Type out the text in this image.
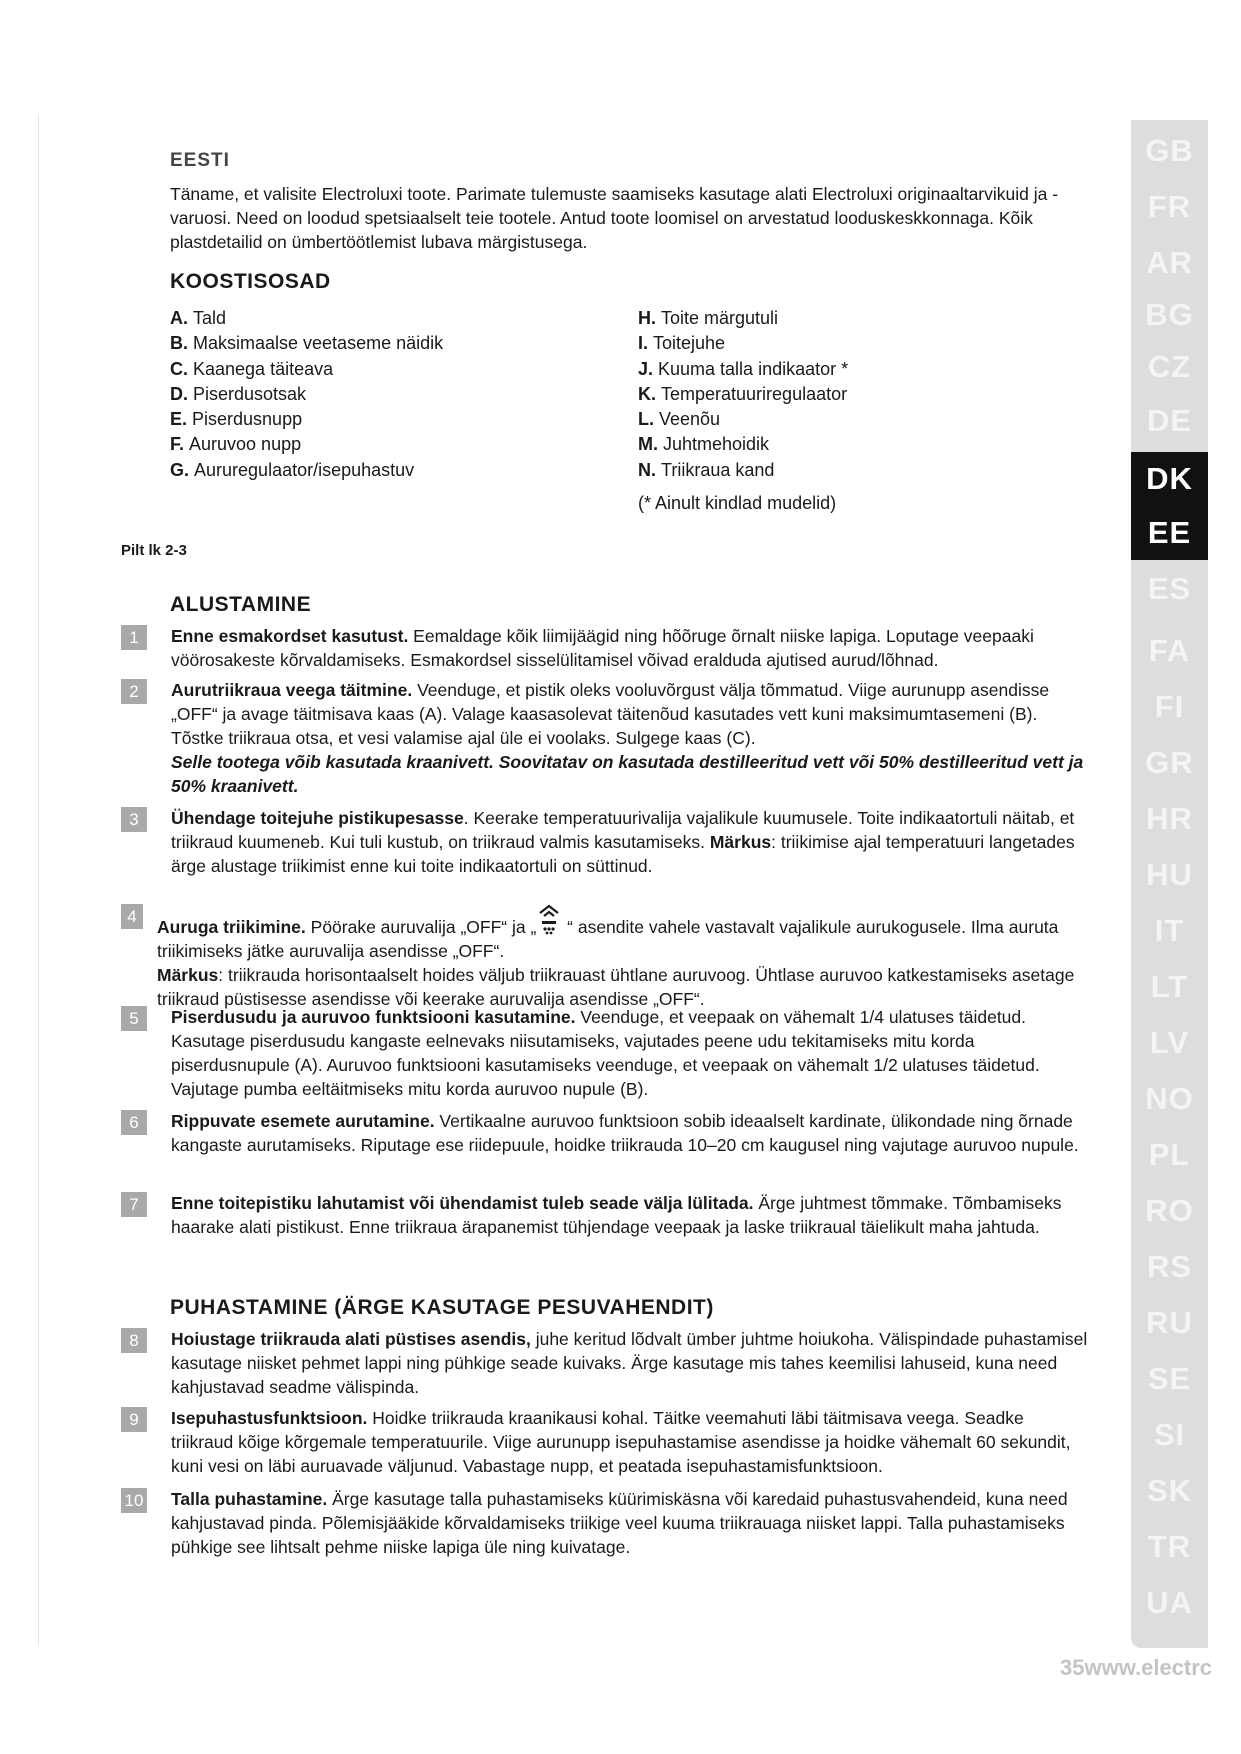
EESTI
Täname, et valisite Electroluxi toote. Parimate tulemuste saamiseks kasutage alati Electroluxi originaaltarvikuid ja -varuosi. Need on loodud spetsiaalselt teie tootele. Antud toote loomisel on arvestatud looduskeskkonnaga. Kõik plastdetailid on ümbertöötlemist lubava märgistusega.
KOOSTISOSAD
A. Tald
B. Maksimaalse veetaseme näidik
C. Kaanega täiteava
D. Piserdusotsak
E. Piserdusnupp
F. Auruvoo nupp
G. Aururegulaator/isepuhastuv
H. Toite märgutuli
I. Toitejuhe
J. Kuuma talla indikaator *
K. Temperatuuriregulaator
L. Veenõu
M. Juhtmehoidik
N. Triikraua kand
(* Ainult kindlad mudelid)
Pilt lk 2-3
ALUSTAMINE
1	Enne esmakordset kasutust. Eemaldage kõik liimijäägid ning hõõruge õrnalt niiske lapiga. Loputage veepaaki vöörosakeste kõrvaldamiseks. Esmakordsel sisselülitamisel võivad eralduda ajutised aurud/lõhnad.
2	Aurutriikraua veega täitmine. Veenduge, et pistik oleks vooluvõrgust välja tõmmatud. Viige aurunupp asendisse „OFF“ ja avage täitmisava kaas (A). Valage kaasasolevat täitenõud kasutades vett kuni maksimumtasemeni (B). Tõstke triikraua otsa, et vesi valamise ajal üle ei voolaks. Sulgege kaas (C).
Selle tootega võib kasutada kraanivett. Soovitatav on kasutada destilleeritud vett või 50% destilleeritud vett ja 50% kraanivett.
3	Ühendage toitejuhe pistikupesasse. Keerake temperatuurivalija vajalikule kuumusele. Toite indikaatortuli näitab, et triikraud kuumeneb. Kui tuli kustub, on triikraud valmis kasutamiseks. Märkus: triikimise ajal temperatuuri langetades ärge alustage triikimist enne kui toite indikaatortuli on süttinud.
4
Auruga triikimine. Pöörake auruvalija „OFF“ ja „ “ asendite vahele vastavalt vajalikule aurukogusele. Ilma auruta triikimiseks jätke auruvalija asendisse „OFF“.
Märkus: triikrauda horisontaalselt hoides väljub triikrauast ühtlane auruvoog. Ühtlase auruvoo katkestamiseks asetage triikraud püstisesse asendisse või keerake auruvalija asendisse „OFF“.
5	Piserdusudu ja auruvoo funktsiooni kasutamine. Veenduge, et veepaak on vähemalt 1/4 ulatuses täidetud. Kasutage piserdusudu kangaste eelnevaks niisutamiseks, vajutades peene udu tekitamiseks mitu korda piserdusnupule (A). Auruvoo funktsiooni kasutamiseks veenduge, et veepaak on vähemalt 1/2 ulatuses täidetud. Vajutage pumba eeltäitmiseks mitu korda auruvoo nupule (B).
6	Rippuvate esemete aurutamine. Vertikaalne auruvoo funktsioon sobib ideaalselt kardinate, ülikondade ning õrnade kangaste aurutamiseks. Riputage ese riidepuule, hoidke triikrauda 10–20 cm kaugusel ning vajutage auruvoo nupule.
7	Enne toitepistiku lahutamist või ühendamist tuleb seade välja lülitada. Ärge juhtmest tõmmake. Tõmbamiseks haarake alati pistikust. Enne triikraua ärapanemist tühjendage veepaak ja laske triikraual täielikult maha jahtuda.
PUHASTAMINE (ÄRGE KASUTAGE PESUVAHENDIT)
8	Hoiustage triikrauda alati püstises asendis, juhe keritud lõdvalt ümber juhtme hoiukoha. Välispindade puhastamisel kasutage niisket pehmet lappi ning pühkige seade kuivaks. Ärge kasutage mis tahes keemilisi lahuseid, kuna need kahjustavad seadme välispinda.
9	Isepuhastusfunktsioon. Hoidke triikrauda kraanikausi kohal. Täitke veemahuti läbi täitmisava veega. Seadke triikraud kõige kõrgemale temperatuurile. Viige aurunupp isepuhastamise asendisse ja hoidke vähemalt 60 sekundit, kuni vesi on läbi auruavade väljunud. Vabastage nupp, et peatada isepuhastamisfunktsioon.
10 Talla puhastamine. Ärge kasutage talla puhastamiseks küürimiskäsna või karedaid puhastusvahendeid, kuna need kahjustavad pinda. Põlemisjääkide kõrvaldamiseks triikige veel kuuma triikrauaga niisket lappi. Talla puhastamiseks pühkige see lihtsalt pehme niiske lapiga üle ning kuivatage.
GB
FR
AR
BG
CZ
DE
DK
EE
ES
FA
FI
GR
HR
HU
IT
LT
LV
NO
PL
RO
RS
RU
SE
SI
SK
TR
UA
35www.electrc
